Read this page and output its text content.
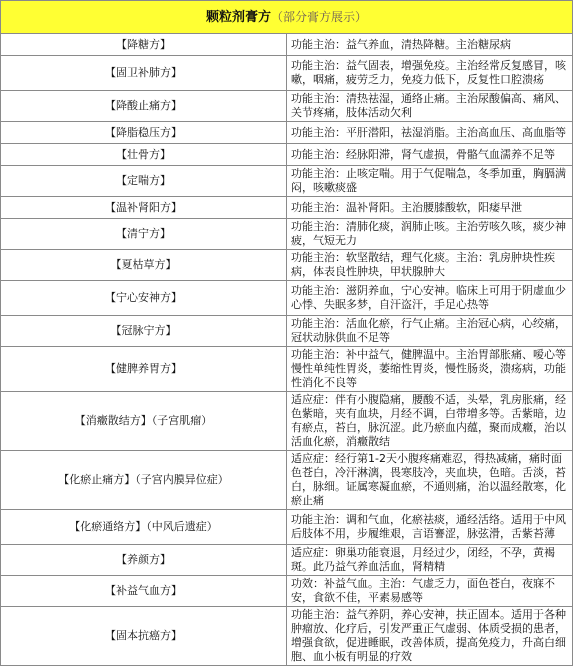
颗粒剂膏方（部分膏方展示）	
【降糖方】	功能主治：益气养血，清热降糖。主治糖尿病
【固卫补肺方】	功能主治：益气固表，增强免疫。主治经常反复感冒，咳嗽，咽痛，疲劳乏力，免疫力低下，反复性口腔溃疡
【降酸止痛方】	功能主治：清热祛湿，通络止痛。主治尿酸偏高、痛风、关节疼痛，肢体活动欠利
【降脂稳压方】	功能主治：平肝潜阳，祛湿消脂。主治高血压、高血脂等
【壮骨方】	功能主治：经脉阳滞，肾气虚损，骨骼气血濡养不足等
【定喘方】	功能主治：止咳定喘。用于气促喘急，冬季加重，胸膈满闷，咳嗽痰盛
【温补肾阳方】	功能主治：温补肾阳。主治腰膝酸软，阳痿早泄
【清宁方】	功能主治：清肺化痰，润肺止咳。主治劳咳久咳，痰少神疲，气短无力
【夏枯草方】	功能主治：软坚散结，理气化痰。主治：乳房肿块性疾病，体表良性肿块，甲状腺肿大
【宁心安神方】	功能主治：滋阴养血，宁心安神。临床上可用于阴虚血少心悸、失眠多梦，自汗盗汗，手足心热等
【冠脉宁方】	功能主治：活血化瘀，行气止痛。主治冠心病，心绞痛，冠状动脉供血不足等
【健脾养胃方】	功能主治：补中益气，健脾温中。主治胃部胀痛、嗳心等慢性单纯性胃炎，萎缩性胃炎，慢性肠炎，溃疡病，功能性消化不良等
【消癥散结方】（子宫肌瘤）	适应症：伴有小腹隐痛，腰酸不适，头晕，乳房胀痛，经色紫暗，夹有血块，月经不调，白带增多等。舌紫暗，边有瘀点，苔白，脉沉涩。此乃瘀血内蕴，聚而成癥，治以活血化瘀，消癥散结
【化瘀止痛方】（子宫内膜异位症）	适应症：经行第1-2天小腹疼痛难忍，得热减痛，痛时面色苍白，冷汗淋漓，畏寒肢冷，夹血块，色暗。舌淡，苔白，脉细。证属寒凝血瘀，不通则痛，治以温经散寒，化瘀止痛
【化瘀通络方】（中风后遗症）	功能主治：调和气血，化瘀祛痰，通经活络。适用于中风后肢体不用，步履维艰，言语謇涩，脉弦滑，舌紫苔薄
【养颜方】	适应症：卵巢功能衰退，月经过少，闭经，不孕，黄褐斑。此乃益气养血活血，肾精精
【补益气血方】	功效：补益气血。主治：气虚乏力，面色苍白，夜寐不安，食欲不佳，平素易感等
【固本抗癌方】	功能主治：益气养阴，养心安神，扶正固本。适用于各种肿瘤放、化疗后，引发严重正气虚弱、体质受损的患者，增强食欲，促进睡眠，改善体质，提高免疫力，升高白细胞、血小板有明显的疗效
